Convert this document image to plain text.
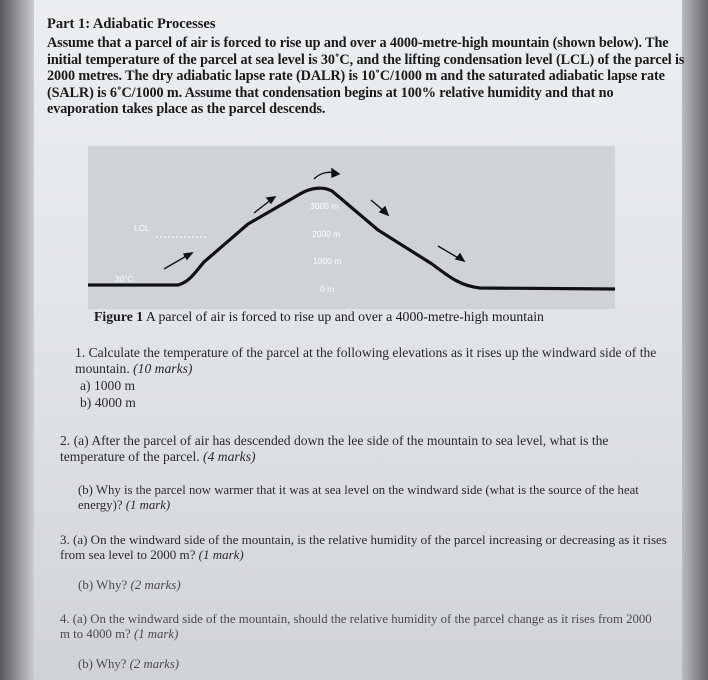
Part 1: Adiabatic Processes
Assume that a parcel of air is forced to rise up and over a 4000-metre-high mountain (shown below). The initial temperature of the parcel at sea level is 30˚C, and the lifting condensation level (LCL) of the parcel is 2000 metres. The dry adiabatic lapse rate (DALR) is 10˚C/1000 m and the saturated adiabatic lapse rate (SALR) is 6˚C/1000 m. Assume that condensation begins at 100% relative humidity and that no evaporation takes place as the parcel descends.
LCL
30˚C
3000 m
2000 m
1000 m
0 m
Figure 1 A parcel of air is forced to rise up and over a 4000-metre-high mountain
1. Calculate the temperature of the parcel at the following elevations as it rises up the windward side of the mountain. (10 marks)
a) 1000 m
b) 4000 m
2. (a) After the parcel of air has descended down the lee side of the mountain to sea level, what is the temperature of the parcel. (4 marks)
(b) Why is the parcel now warmer that it was at sea level on the windward side (what is the source of the heat energy)? (1 mark)
3. (a) On the windward side of the mountain, is the relative humidity of the parcel increasing or decreasing as it rises from sea level to 2000 m? (1 mark)
(b) Why? (2 marks)
4. (a) On the windward side of the mountain, should the relative humidity of the parcel change as it rises from 2000 m to 4000 m? (1 mark)
(b) Why? (2 marks)
